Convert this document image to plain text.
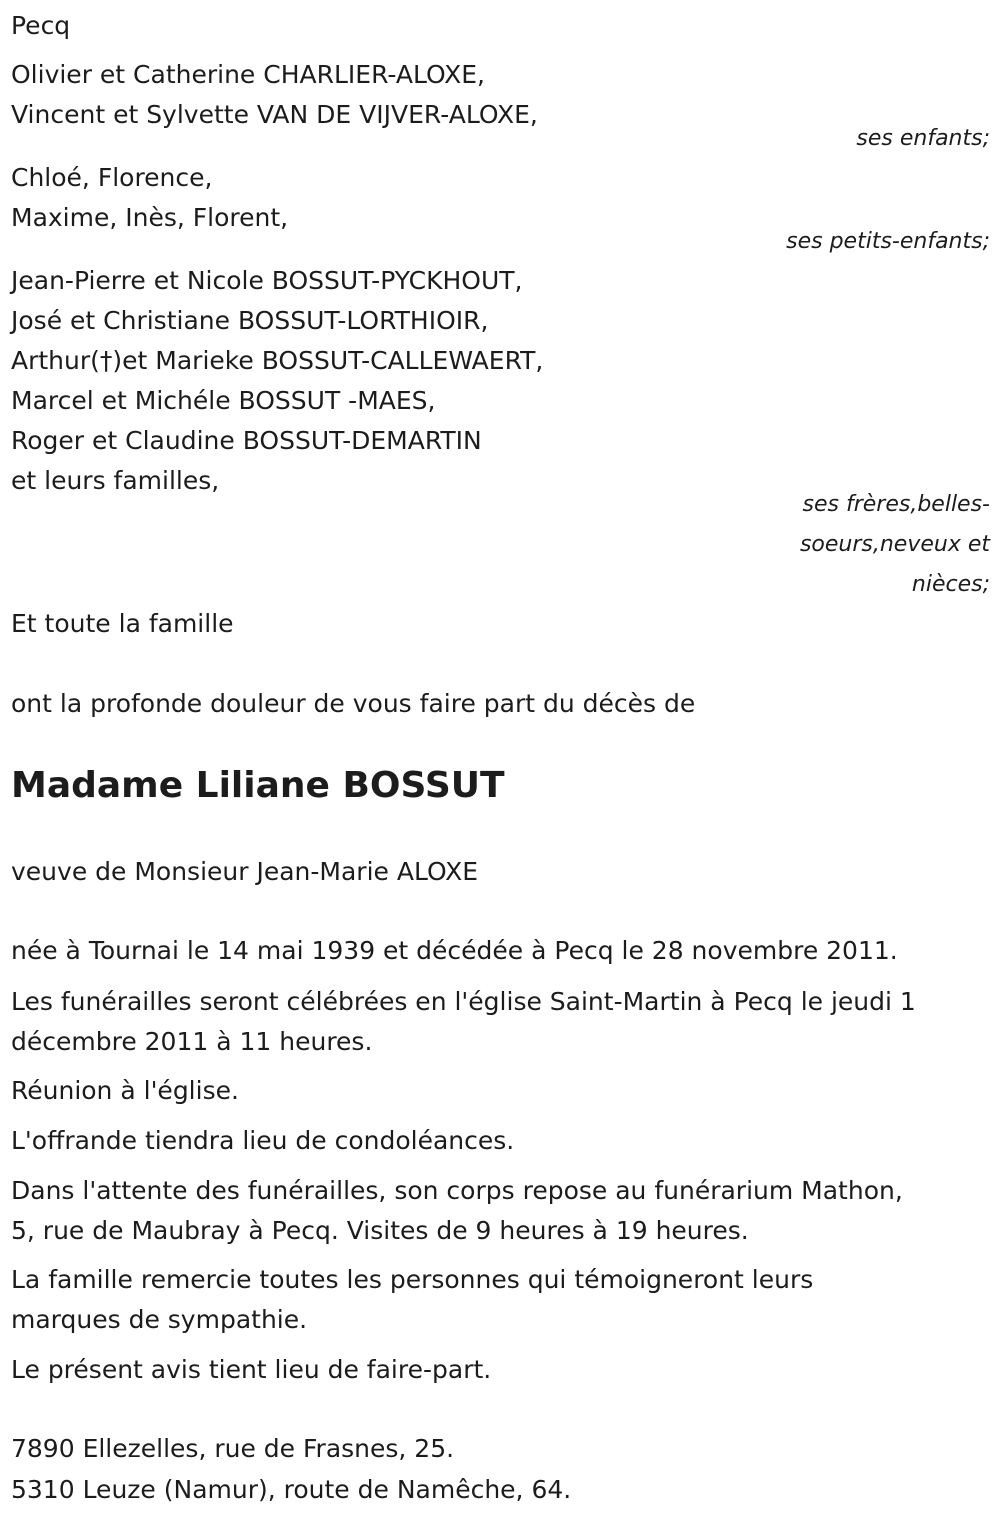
Pecq

Olivier et Catherine CHARLIER-ALOXE,

Vincent et Sylvette VAN DE VIJVER-ALOXE,

ses enfants;

Chloé, Florence,

Maxime, Inès, Florent,

ses petits-enfants;

Jean-Pierre et Nicole BOSSUT-PYCKHOUT,

José et Christiane BOSSUT-LORTHIOIR,

Arthur(†)et Marieke BOSSUT-CALLEWAERT,

Marcel et Michéle BOSSUT -MAES,

Roger et Claudine BOSSUT-DEMARTIN

et leurs familles,

ses frères,belles-

soeurs,neveux et

nièces;

Et toute la famille

ont la profonde douleur de vous faire part du décès de

Madame Liliane BOSSUT

veuve de Monsieur Jean-Marie ALOXE

née à Tournai le 14 mai 1939 et décédée à Pecq le 28 novembre 2011.

Les funérailles seront célébrées en l'église Saint-Martin à Pecq le jeudi 1

décembre 2011 à 11 heures.

Réunion à l'église.

L'offrande tiendra lieu de condoléances.

Dans l'attente des funérailles, son corps repose au funérarium Mathon,

5, rue de Maubray à Pecq. Visites de 9 heures à 19 heures.

La famille remercie toutes les personnes qui témoigneront leurs

marques de sympathie.

Le présent avis tient lieu de faire-part.

7890 Ellezelles, rue de Frasnes, 25.

5310 Leuze (Namur), route de Namêche, 64.
